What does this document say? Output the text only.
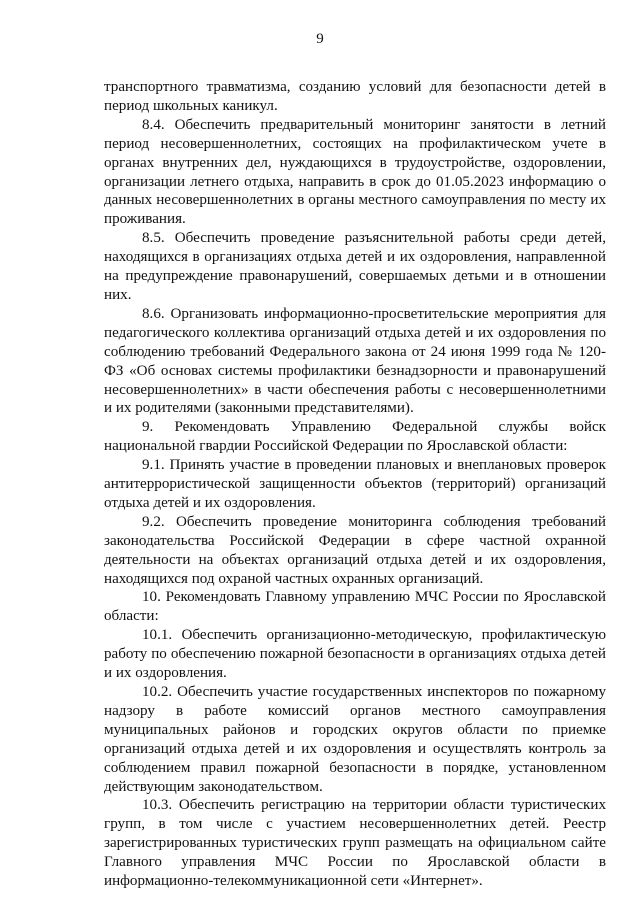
9

транспортного травматизма, созданию условий для безопасности детей в период школьных каникул.

8.4. Обеспечить предварительный мониторинг занятости в летний период несовершеннолетних, состоящих на профилактическом учете в органах внутренних дел, нуждающихся в трудоустройстве, оздоровлении, организации летнего отдыха, направить в срок до 01.05.2023 информацию о данных несовершеннолетних в органы местного самоуправления по месту их проживания.

8.5. Обеспечить проведение разъяснительной работы среди детей, находящихся в организациях отдыха детей и их оздоровления, направленной на предупреждение правонарушений, совершаемых детьми и в отношении них.

8.6. Организовать информационно-просветительские мероприятия для педагогического коллектива организаций отдыха детей и их оздоровления по соблюдению требований Федерального закона от 24 июня 1999 года № 120-ФЗ «Об основах системы профилактики безнадзорности и правонарушений несовершеннолетних» в части обеспечения работы с несовершеннолетними и их родителями (законными представителями).

9. Рекомендовать Управлению Федеральной службы войск национальной гвардии Российской Федерации по Ярославской области:

9.1. Принять участие в проведении плановых и внеплановых проверок антитеррористической защищенности объектов (территорий) организаций отдыха детей и их оздоровления.

9.2. Обеспечить проведение мониторинга соблюдения требований законодательства Российской Федерации в сфере частной охранной деятельности на объектах организаций отдыха детей и их оздоровления, находящихся под охраной частных охранных организаций.

10. Рекомендовать Главному управлению МЧС России по Ярославской области:

10.1. Обеспечить организационно-методическую, профилактическую работу по обеспечению пожарной безопасности в организациях отдыха детей и их оздоровления.

10.2. Обеспечить участие государственных инспекторов по пожарному надзору в работе комиссий органов местного самоуправления муниципальных районов и городских округов области по приемке организаций отдыха детей и их оздоровления и осуществлять контроль за соблюдением правил пожарной безопасности в порядке, установленном действующим законодательством.

10.3. Обеспечить регистрацию на территории области туристических групп, в том числе с участием несовершеннолетних детей. Реестр зарегистрированных туристических групп размещать на официальном сайте Главного управления МЧС России по Ярославской области в информационно-телекоммуникационной сети «Интернет».
